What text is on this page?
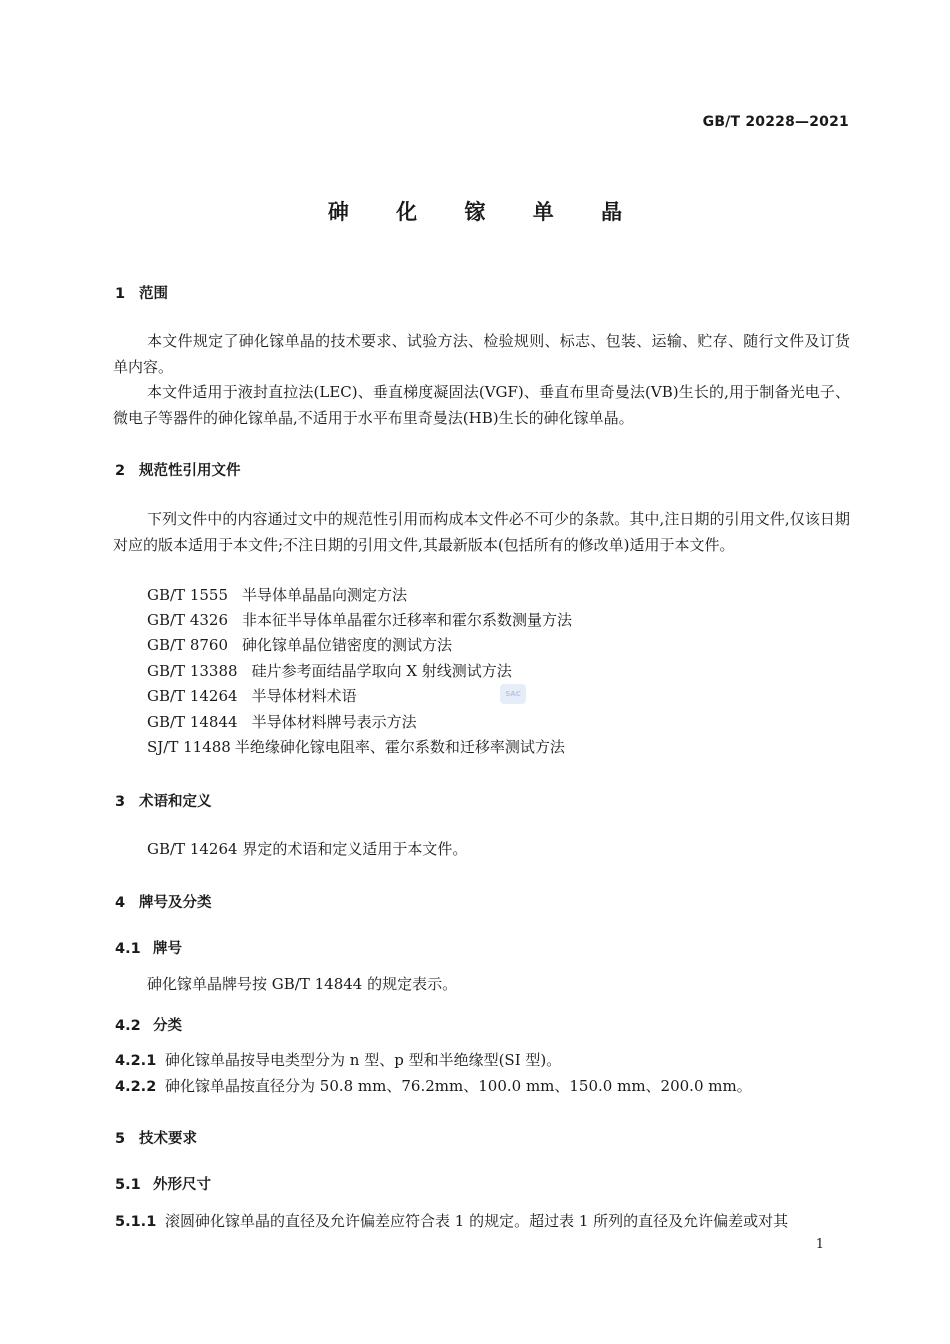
GB/T 20228—2021
砷 化 镓 单 晶
1 范围
本文件规定了砷化镓单晶的技术要求、试验方法、检验规则、标志、包装、运输、贮存、随行文件及订货单内容。
本文件适用于液封直拉法(LEC)、垂直梯度凝固法(VGF)、垂直布里奇曼法(VB)生长的,用于制备光电子、微电子等器件的砷化镓单晶,不适用于水平布里奇曼法(HB)生长的砷化镓单晶。
2 规范性引用文件
下列文件中的内容通过文中的规范性引用而构成本文件必不可少的条款。其中,注日期的引用文件,仅该日期对应的版本适用于本文件;不注日期的引用文件,其最新版本(包括所有的修改单)适用于本文件。
GB/T 1555 半导体单晶晶向测定方法
GB/T 4326 非本征半导体单晶霍尔迁移率和霍尔系数测量方法
GB/T 8760 砷化镓单晶位错密度的测试方法
GB/T 13388 硅片参考面结晶学取向 X 射线测试方法
GB/T 14264 半导体材料术语
GB/T 14844 半导体材料牌号表示方法
SJ/T 11488 半绝缘砷化镓电阻率、霍尔系数和迁移率测试方法
SAC
3 术语和定义
GB/T 14264 界定的术语和定义适用于本文件。
4 牌号及分类
4.1 牌号
砷化镓单晶牌号按 GB/T 14844 的规定表示。
4.2 分类
4.2.1 砷化镓单晶按导电类型分为 n 型、p 型和半绝缘型(SI 型)。
4.2.2 砷化镓单晶按直径分为 50.8 mm、76.2mm、100.0 mm、150.0 mm、200.0 mm。
5 技术要求
5.1 外形尺寸
5.1.1 滚圆砷化镓单晶的直径及允许偏差应符合表 1 的规定。超过表 1 所列的直径及允许偏差或对其
1
